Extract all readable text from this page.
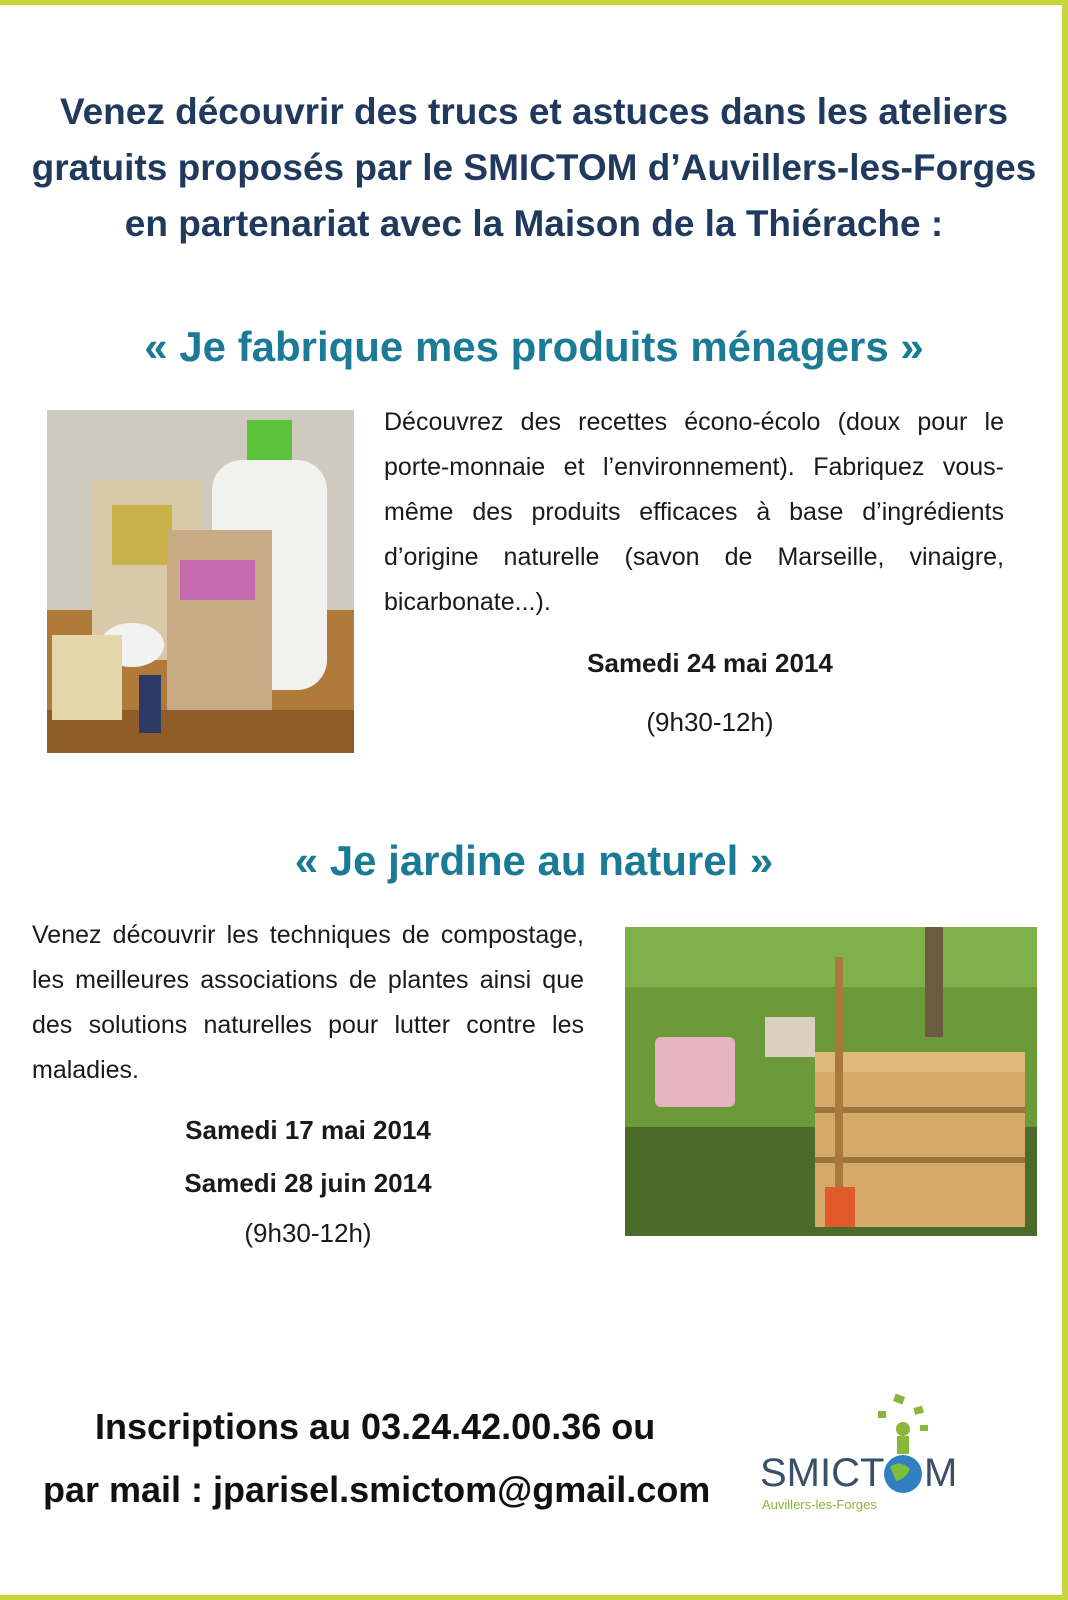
Venez découvrir des trucs et astuces dans les ateliers
gratuits proposés par le SMICTOM d’Auvillers-les-Forges
en partenariat avec la Maison de la Thiérache :
« Je fabrique mes produits ménagers »
Découvrez des recettes écono-écolo (doux pour le porte-monnaie et l’environnement). Fabriquez vous-même des produits efficaces à base d’ingrédients d’origine naturelle (savon de Marseille, vinaigre, bicarbonate...).
Samedi 24 mai 2014
(9h30-12h)
« Je jardine au naturel »
Venez découvrir les techniques de compostage, les meilleures associations de plantes ainsi que des solutions naturelles pour lutter contre les maladies.
Samedi 17 mai 2014
Samedi 28 juin 2014
(9h30-12h)
Inscriptions au 03.24.42.00.36 ou
par mail : jparisel.smictom@gmail.com SMICT M
Auvillers-les-Forges
